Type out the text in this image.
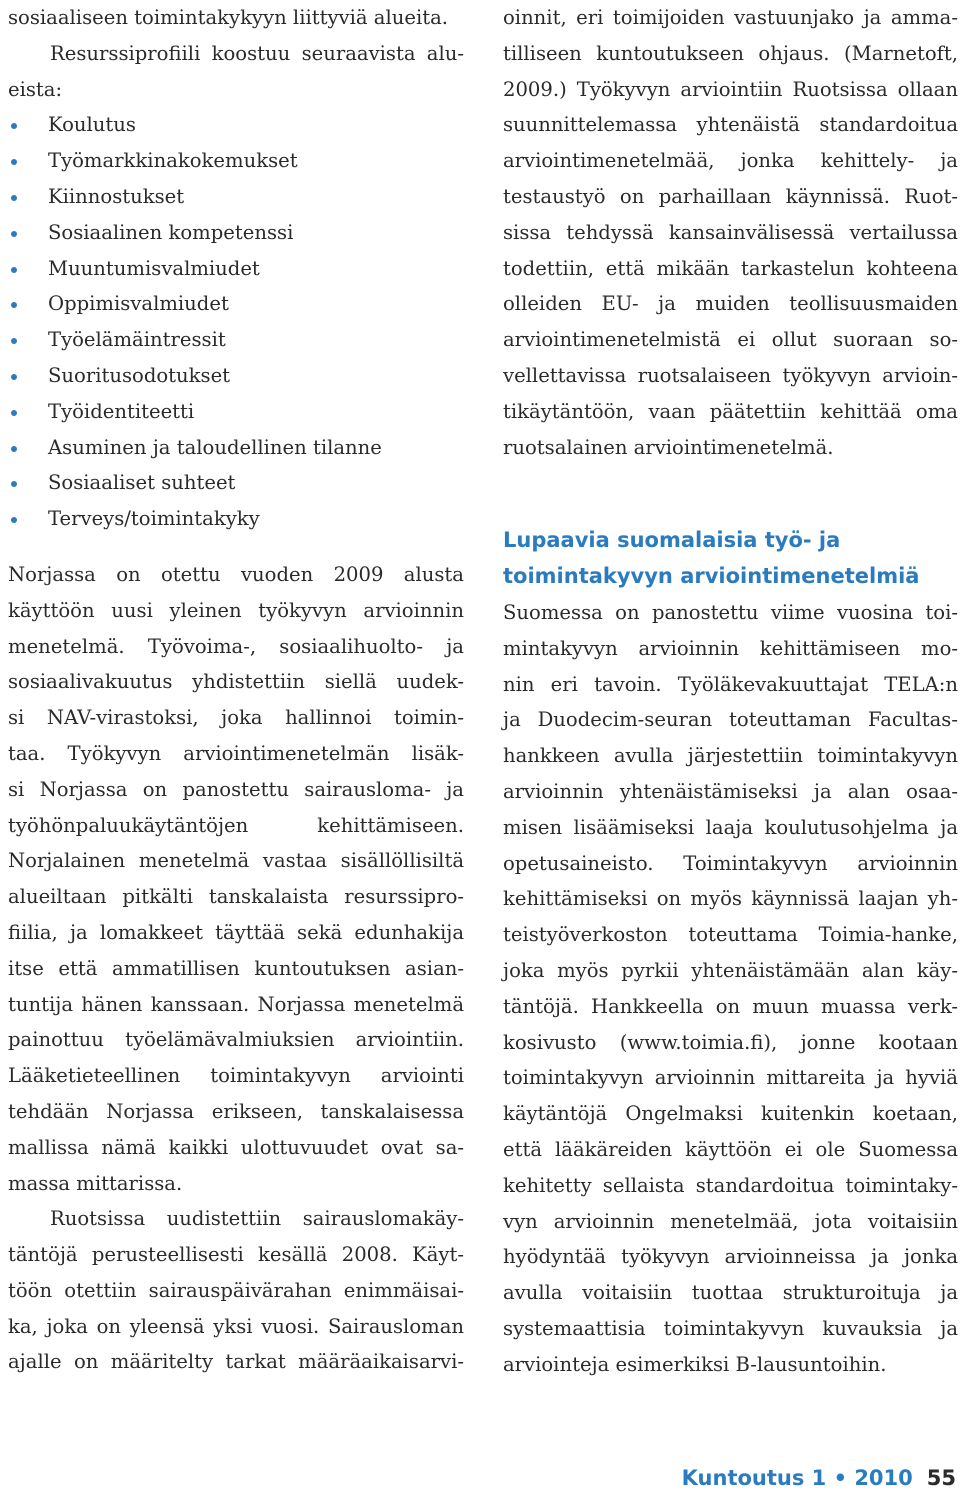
sosiaaliseen toimintakykyyn liittyviä alueita.
Resurssiprofiili koostuu seuraavista alu-
eista:
Koulutus
Työmarkkinakokemukset
Kiinnostukset
Sosiaalinen kompetenssi
Muuntumisvalmiudet
Oppimisvalmiudet
Työelämäintressit
Suoritusodotukset
Työidentiteetti
Asuminen ja taloudellinen tilanne
Sosiaaliset suhteet
Terveys/toimintakyky
Norjassa on otettu vuoden 2009 alusta
käyttöön uusi yleinen työkyvyn arvioinnin
menetelmä. Työvoima-, sosiaalihuolto- ja
sosiaalivakuutus yhdistettiin siellä uudek-
si NAV-virastoksi, joka hallinnoi toimin-
taa. Työkyvyn arviointimenetelmän lisäk-
si Norjassa on panostettu sairausloma- ja
työhönpaluukäytäntöjen kehittämiseen.
Norjalainen menetelmä vastaa sisällöllisiltä
alueiltaan pitkälti tanskalaista resurssipro-
fiilia, ja lomakkeet täyttää sekä edunhakija
itse että ammatillisen kuntoutuksen asian-
tuntija hänen kanssaan. Norjassa menetelmä
painottuu työelämävalmiuksien arviointiin.
Lääketieteellinen toimintakyvyn arviointi
tehdään Norjassa erikseen, tanskalaisessa
mallissa nämä kaikki ulottuvuudet ovat sa-
massa mittarissa.
Ruotsissa uudistettiin sairauslomakäy-
täntöjä perusteellisesti kesällä 2008. Käyt-
töön otettiin sairauspäivärahan enimmäisai-
ka, joka on yleensä yksi vuosi. Sairausloman
ajalle on määritelty tarkat määräaikaisarvi-
oinnit, eri toimijoiden vastuunjako ja amma-
tilliseen kuntoutukseen ohjaus. (Marnetoft,
2009.) Työkyvyn arviointiin Ruotsissa ollaan
suunnittelemassa yhtenäistä standardoitua
arviointimenetelmää, jonka kehittely- ja
testaustyö on parhaillaan käynnissä. Ruot-
sissa tehdyssä kansainvälisessä vertailussa
todettiin, että mikään tarkastelun kohteena
olleiden EU- ja muiden teollisuusmaiden
arviointimenetelmistä ei ollut suoraan so-
vellettavissa ruotsalaiseen työkyvyn arvioin-
tikäytäntöön, vaan päätettiin kehittää oma
ruotsalainen arviointimenetelmä.
Lupaavia suomalaisia työ- ja
toimintakyvyn arviointimenetelmiä
Suomessa on panostettu viime vuosina toi-
mintakyvyn arvioinnin kehittämiseen mo-
nin eri tavoin. Työläkevakuuttajat TELA:n
ja Duodecim-seuran toteuttaman Facultas-
hankkeen avulla järjestettiin toimintakyvyn
arvioinnin yhtenäistämiseksi ja alan osaa-
misen lisäämiseksi laaja koulutusohjelma ja
opetusaineisto. Toimintakyvyn arvioinnin
kehittämiseksi on myös käynnissä laajan yh-
teistyöverkoston toteuttama Toimia-hanke,
joka myös pyrkii yhtenäistämään alan käy-
täntöjä. Hankkeella on muun muassa verk-
kosivusto (www.toimia.fi), jonne kootaan
toimintakyvyn arvioinnin mittareita ja hyviä
käytäntöjä Ongelmaksi kuitenkin koetaan,
että lääkäreiden käyttöön ei ole Suomessa
kehitetty sellaista standardoitua toimintaky-
vyn arvioinnin menetelmää, jota voitaisiin
hyödyntää työkyvyn arvioinneissa ja jonka
avulla voitaisiin tuottaa strukturoituja ja
systemaattisia toimintakyvyn kuvauksia ja
arviointeja esimerkiksi B-lausuntoihin.
Kuntoutus 1 • 2010 55
